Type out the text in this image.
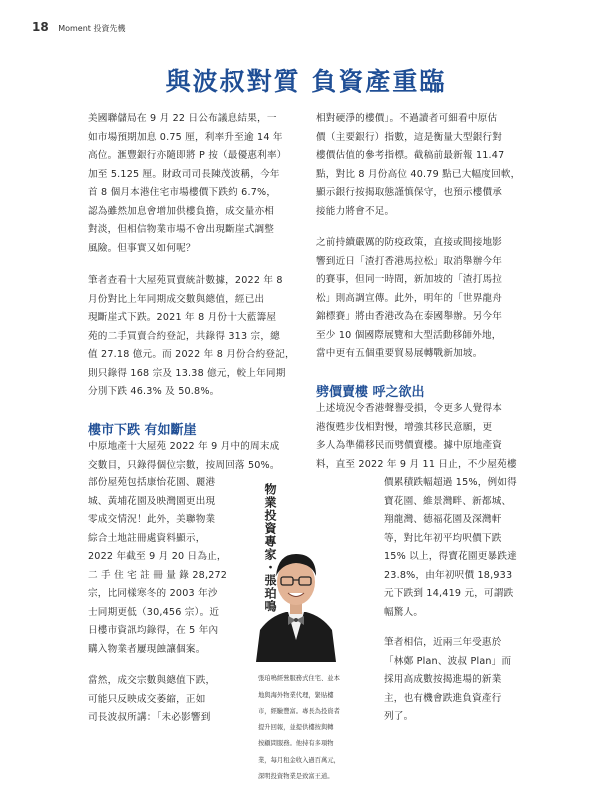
18 Moment 投資先機
與波叔對質 負資產重臨

美國聯儲局在 9 月 22 日公布議息結果，一

如市場預期加息 0.75 厘，利率升至逾 14 年

高位。滙豐銀行亦隨即將 P 按（最優惠利率）

加至 5.125 厘。財政司司長陳茂波稱，今年

首 8 個月本港住宅市場樓價下跌約 6.7%，

認為雖然加息會增加供樓負擔，成交量亦相

對淡，但相信物業市場不會出現斷崖式調整

風險。但事實又如何呢？

筆者查看十大屋苑買賣統計數據，2022 年 8

月份對比上年同期成交數與總值，經已出

現斷崖式下跌。2021 年 8 月份十大藍籌屋

苑的二手買賣合約登記，共錄得 313 宗，總

值 27.18 億元。而 2022 年 8 月份合約登記，

則只錄得 168 宗及 13.38 億元，較上年同期

分別下跌 46.3% 及 50.8%。

樓市下跌 有如斷崖

中原地產十大屋苑 2022 年 9 月中的周末成

交數目，只錄得個位宗數，按周回落 50%。

部份屋苑包括康怡花園、麗港

城、黃埔花園及映灣園更出現

零成交情況！此外，美聯物業

綜合土地註冊處資料顯示，

2022 年截至 9 月 20 日為止，

二 手 住 宅 註 冊 量 錄 28,272

宗，比同樣寒冬的 2003 年沙

士同期更低（30,456 宗）。近

日樓市資訊均錄得，在 5 年內

購入物業者屢現蝕讓個案。

當然，成交宗數與總值下跌，

可能只反映成交萎縮，正如

司長波叔所講：「未必影響到

物業投資專家・張珀鳴

張珀鳴經營服務式住宅、並本

地與海外物業代理，緊貼樓

市，經驗豐富。專長為投資者

提升回報，並提供樓按與轉

按顧問服務。他持有多項物

業，每月租金收入過百萬元，

深明投資物業是致富王道。

相對硬淨的樓價」。不過讀者可細看中原估

價（主要銀行）指數，這是衡量大型銀行對

樓價估值的參考指標。截稿前最新報 11.47

點，對比 8 月份高位 40.79 點已大幅度回軟，

顯示銀行按揭取態謹慎保守，也預示樓價承

接能力將會不足。

之前持續嚴厲的防疫政策，直接或間接地影

響到近日「渣打香港馬拉松」取消舉辦今年

的賽事，但同一時間，新加坡的「渣打馬拉

松」則高調宣傳。此外，明年的「世界龍舟

錦標賽」將由香港改為在泰國舉辦。另今年

至少 10 個國際展覽和大型活動移師外地，

當中更有五個重要貿易展轉戰新加坡。

劈價賣樓 呼之欲出

上述境況令香港聲譽受損，令更多人覺得本

港復甦步伐相對慢，增強其移民意願，更

多人為準備移民而劈價賣樓。據中原地產資

料，直至 2022 年 9 月 11 日止，不少屋苑樓

價累積跌幅超過 15%，例如得

寶花園、維景灣畔、新都城、

翔龍灣、德福花園及深灣軒

等，對比年初平均呎價下跌

15% 以上，得寶花園更暴跌達

23.8%，由年初呎價 18,933

元下跌到 14,419 元，可謂跌

幅驚人。

筆者相信，近兩三年受惠於

「林鄭 Plan、波叔 Plan」而

採用高成數按揭進場的新業

主，也有機會跌進負資產行

列了。
